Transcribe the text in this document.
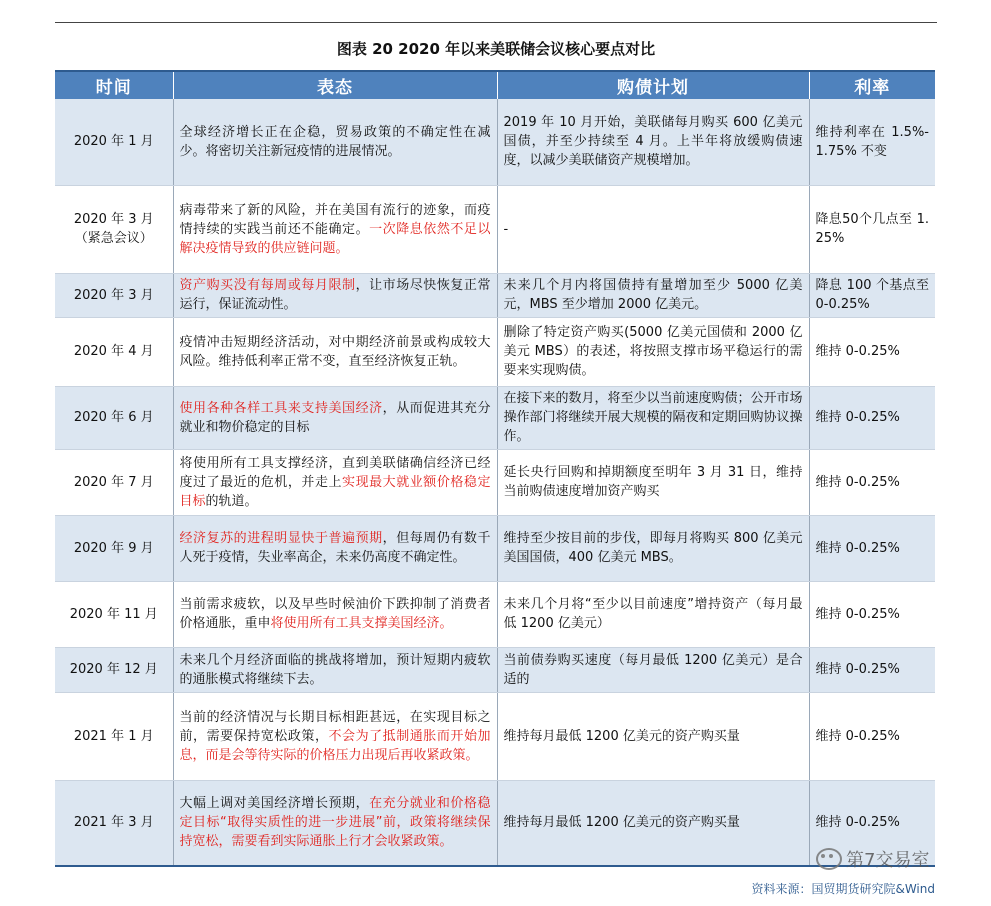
图表 20 2020 年以来美联储会议核心要点对比
时间	表态	购债计划	利率

2020 年 1 月	全球经济增长正在企稳，贸易政策的不确定性在减少。将密切关注新冠疫情的进展情况。	2019 年 10 月开始，美联储每月购买 600 亿美元国债，并至少持续至 4 月。上半年将放缓购债速度，以减少美联储资产规模增加。	维持利率在 1.5%-1.75% 不变

2020 年 3 月
（紧急会议）	病毒带来了新的风险，并在美国有流行的迹象，而疫情持续的实践当前还不能确定。一次降息依然不足以解决疫情导致的供应链问题。	-	降息50个几点至 1.25%

2020 年 3 月	资产购买没有每周或每月限制，让市场尽快恢复正常运行，保证流动性。	未来几个月内将国债持有量增加至少 5000 亿美元，MBS 至少增加 2000 亿美元。	降息 100 个基点至 0-0.25%

2020 年 4 月	疫情冲击短期经济活动，对中期经济前景或构成较大风险。维持低利率正常不变，直至经济恢复正轨。	删除了特定资产购买(5000 亿美元国债和 2000 亿美元 MBS）的表述，将按照支撑市场平稳运行的需要来实现购债。	维持 0-0.25%

2020 年 6 月	使用各种各样工具来支持美国经济，从而促进其充分就业和物价稳定的目标	在接下来的数月，将至少以当前速度购债；公开市场操作部门将继续开展大规模的隔夜和定期回购协议操作。	维持 0-0.25%

2020 年 7 月	将使用所有工具支撑经济，直到美联储确信经济已经度过了最近的危机，并走上实现最大就业额价格稳定目标的轨道。	延长央行回购和掉期额度至明年 3 月 31 日，维持当前购债速度增加资产购买	维持 0-0.25%

2020 年 9 月	经济复苏的进程明显快于普遍预期，但每周仍有数千人死于疫情，失业率高企，未来仍高度不确定性。	维持至少按目前的步伐，即每月将购买 800 亿美元美国国债，400 亿美元 MBS。	维持 0-0.25%

2020 年 11 月	当前需求疲软，以及早些时候油价下跌抑制了消费者价格通胀，重申将使用所有工具支撑美国经济。	未来几个月将“至少以目前速度”增持资产（每月最低 1200 亿美元）	维持 0-0.25%

2020 年 12 月	未来几个月经济面临的挑战将增加，预计短期内疲软的通胀模式将继续下去。	当前债券购买速度（每月最低 1200 亿美元）是合适的	维持 0-0.25%

2021 年 1 月	当前的经济情况与长期目标相距甚远，在实现目标之前，需要保持宽松政策，不会为了抵制通胀而开始加息，而是会等待实际的价格压力出现后再收紧政策。	维持每月最低 1200 亿美元的资产购买量	维持 0-0.25%

2021 年 3 月	大幅上调对美国经济增长预期，在充分就业和价格稳定目标“取得实质性的进一步进展”前，政策将继续保持宽松，需要看到实际通胀上行才会收紧政策。	维持每月最低 1200 亿美元的资产购买量	维持 0-0.25%
资料来源：国贸期货研究院&Wind
第7交易室
